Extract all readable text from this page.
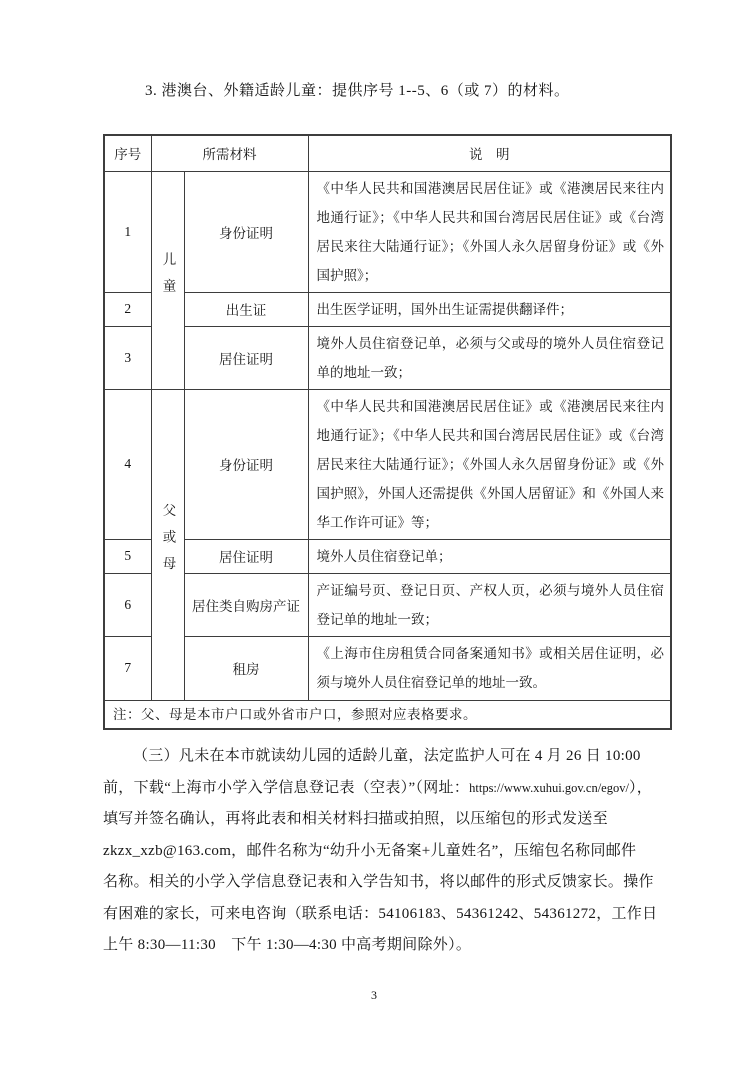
3. 港澳台、外籍适龄儿童：提供序号 1--5、6（或 7）的材料。
序号	所需材料		说　明
1	儿童	身份证明	《中华人民共和国港澳居民居住证》或《港澳居民来往内地通行证》；《中华人民共和国台湾居民居住证》或《台湾居民来往大陆通行证》；《外国人永久居留身份证》或《外国护照》；
2		出生证	出生医学证明，国外出生证需提供翻译件；
3		居住证明	境外人员住宿登记单，必须与父或母的境外人员住宿登记单的地址一致；
4	父或母	身份证明	《中华人民共和国港澳居民居住证》或《港澳居民来往内地通行证》；《中华人民共和国台湾居民居住证》或《台湾居民来往大陆通行证》；《外国人永久居留身份证》或《外国护照》，外国人还需提供《外国人居留证》和《外国人来华工作许可证》等；
5		居住证明	境外人员住宿登记单；
6		居住类自购房产证	产证编号页、登记日页、产权人页，必须与境外人员住宿登记单的地址一致；
7		租房	《上海市住房租赁合同备案通知书》或相关居住证明，必须与境外人员住宿登记单的地址一致。
注：父、母是本市户口或外省市户口，参照对应表格要求。			
（三）凡未在本市就读幼儿园的适龄儿童，法定监护人可在 4 月 26 日 10:00
前，下载“上海市小学入学信息登记表（空表）”（网址：https://www.xuhui.gov.cn/egov/），
填写并签名确认，再将此表和相关材料扫描或拍照，以压缩包的形式发送至
zkzx_xzb@163.com，邮件名称为“幼升小无备案+儿童姓名”，压缩包名称同邮件
名称。相关的小学入学信息登记表和入学告知书，将以邮件的形式反馈家长。操作
有困难的家长，可来电咨询（联系电话：54106183、54361242、54361272，工作日
上午 8:30—11:30　下午 1:30—4:30 中高考期间除外）。
3
